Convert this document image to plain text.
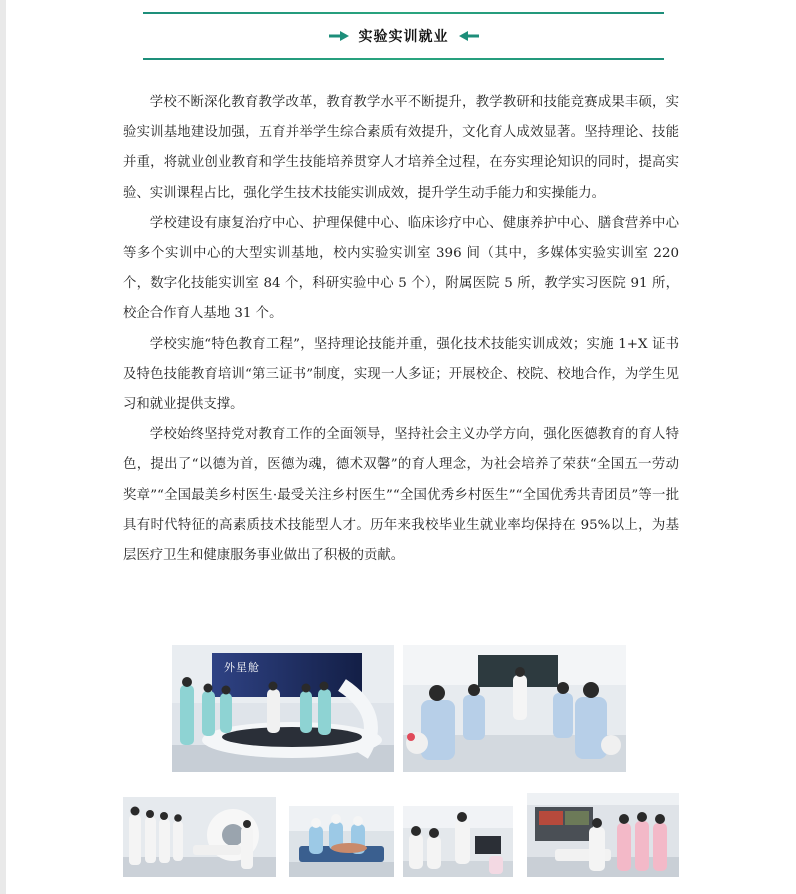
实验实训就业

学校不断深化教育教学改革，教育教学水平不断提升，教学教研和技能竞赛成果丰硕，实验实训基地建设加强，五育并举学生综合素质有效提升，文化育人成效显著。坚持理论、技能并重，将就业创业教育和学生技能培养贯穿人才培养全过程，在夯实理论知识的同时，提高实验、实训课程占比，强化学生技术技能实训成效，提升学生动手能力和实操能力。

学校建设有康复治疗中心、护理保健中心、临床诊疗中心、健康养护中心、膳食营养中心等多个实训中心的大型实训基地，校内实验实训室 396 间（其中，多媒体实验实训室 220 个，数字化技能实训室 84 个，科研实验中心 5 个），附属医院 5 所，教学实习医院 91 所，校企合作育人基地 31 个。

学校实施“特色教育工程”，坚持理论技能并重，强化技术技能实训成效；实施 1+X 证书及特色技能教育培训“第三证书”制度，实现一人多证；开展校企、校院、校地合作，为学生见习和就业提供支撑。

学校始终坚持党对教育工作的全面领导，坚持社会主义办学方向，强化医德教育的育人特色，提出了“以德为首，医德为魂，德术双馨”的育人理念，为社会培养了荣获“全国五一劳动奖章”“全国最美乡村医生·最受关注乡村医生”“全国优秀乡村医生”“全国优秀共青团员”等一批具有时代特征的高素质技术技能型人才。历年来我校毕业生就业率均保持在 95%以上，为基层医疗卫生和健康服务事业做出了积极的贡献。

外星舱
